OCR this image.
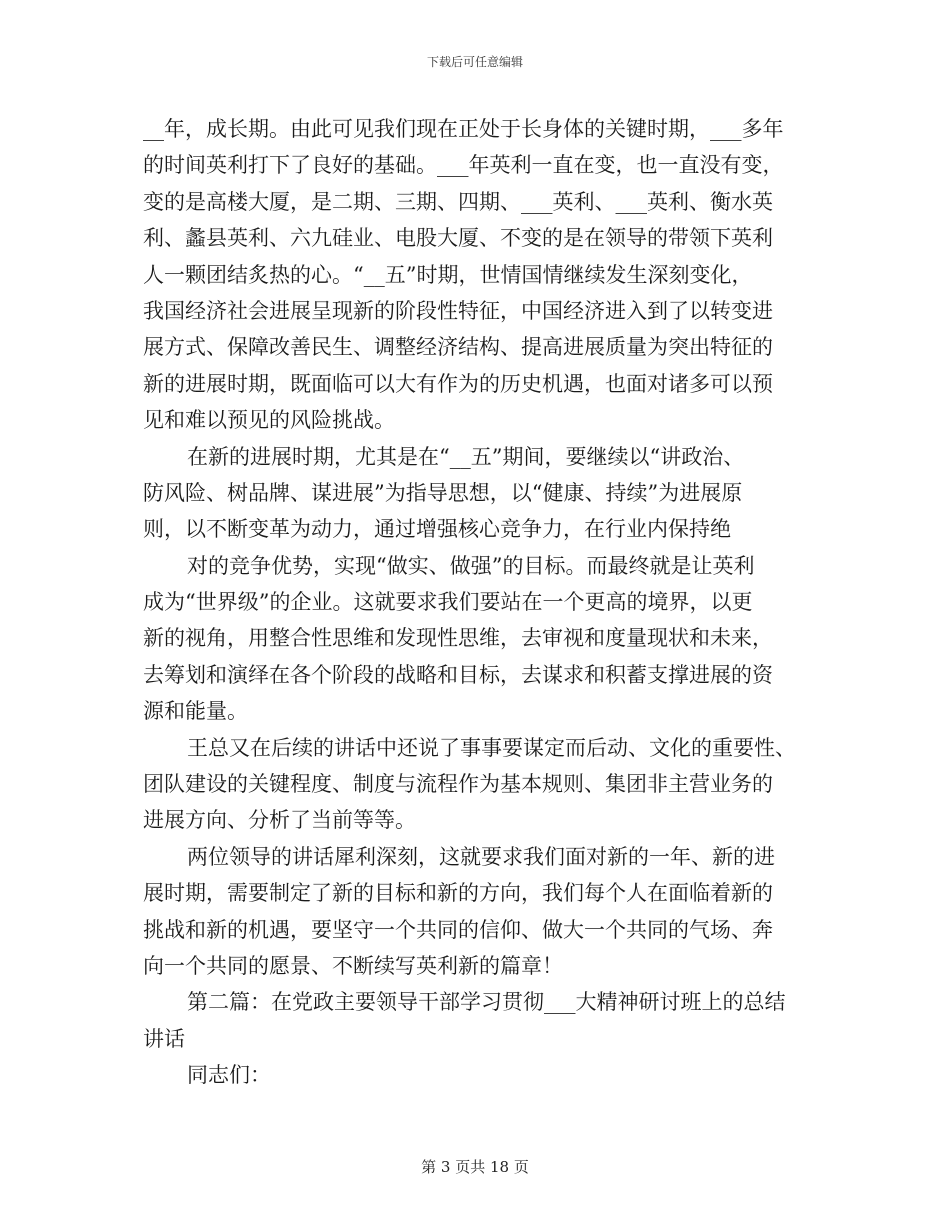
下载后可任意编辑
__年，成长期。由此可见我们现在正处于长身体的关键时期，___多年
的时间英利打下了良好的基础。___年英利一直在变，也一直没有变，
变的是高楼大厦，是二期、三期、四期、___英利、___英利、衡水英
利、蠡县英利、六九硅业、电股大厦、不变的是在领导的带领下英利
人一颗团结炙热的心。“__五”时期，世情国情继续发生深刻变化，
我国经济社会进展呈现新的阶段性特征，中国经济进入到了以转变进
展方式、保障改善民生、调整经济结构、提高进展质量为突出特征的
新的进展时期，既面临可以大有作为的历史机遇，也面对诸多可以预
见和难以预见的风险挑战。
在新的进展时期，尤其是在“__五”期间，要继续以“讲政治、
防风险、树品牌、谋进展”为指导思想，以“健康、持续”为进展原
则，以不断变革为动力，通过增强核心竞争力，在行业内保持绝
对的竞争优势，实现“做实、做强”的目标。而最终就是让英利
成为“世界级”的企业。这就要求我们要站在一个更高的境界，以更
新的视角，用整合性思维和发现性思维，去审视和度量现状和未来，
去筹划和演绎在各个阶段的战略和目标，去谋求和积蓄支撑进展的资
源和能量。
王总又在后续的讲话中还说了事事要谋定而后动、文化的重要性、
团队建设的关键程度、制度与流程作为基本规则、集团非主营业务的
进展方向、分析了当前等等。
两位领导的讲话犀利深刻，这就要求我们面对新的一年、新的进
展时期，需要制定了新的目标和新的方向，我们每个人在面临着新的
挑战和新的机遇，要坚守一个共同的信仰、做大一个共同的气场、奔
向一个共同的愿景、不断续写英利新的篇章！
第二篇：在党政主要领导干部学习贯彻___大精神研讨班上的总结
讲话
同志们：
第 3 页共 18 页
